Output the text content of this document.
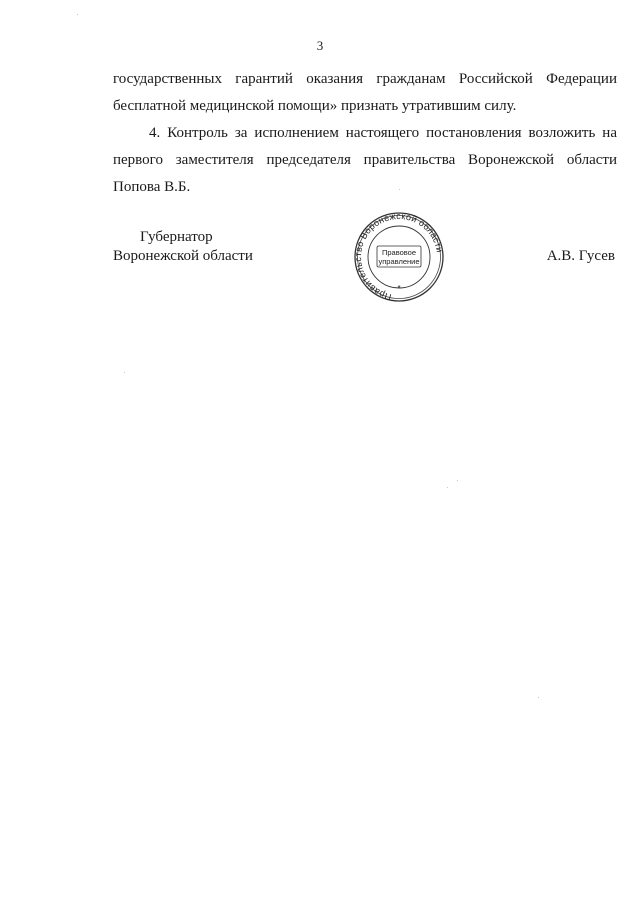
3
государственных гарантий оказания гражданам Российской Федерации бесплатной медицинской помощи» признать утратившим силу.
4. Контроль за исполнением настоящего постановления возложить на первого заместителя председателя правительства Воронежской области Попова В.Б.
Губернатор
Воронежской области
Правитель во Воронежской области
Правовое
управление
*
А.В. Гусев
